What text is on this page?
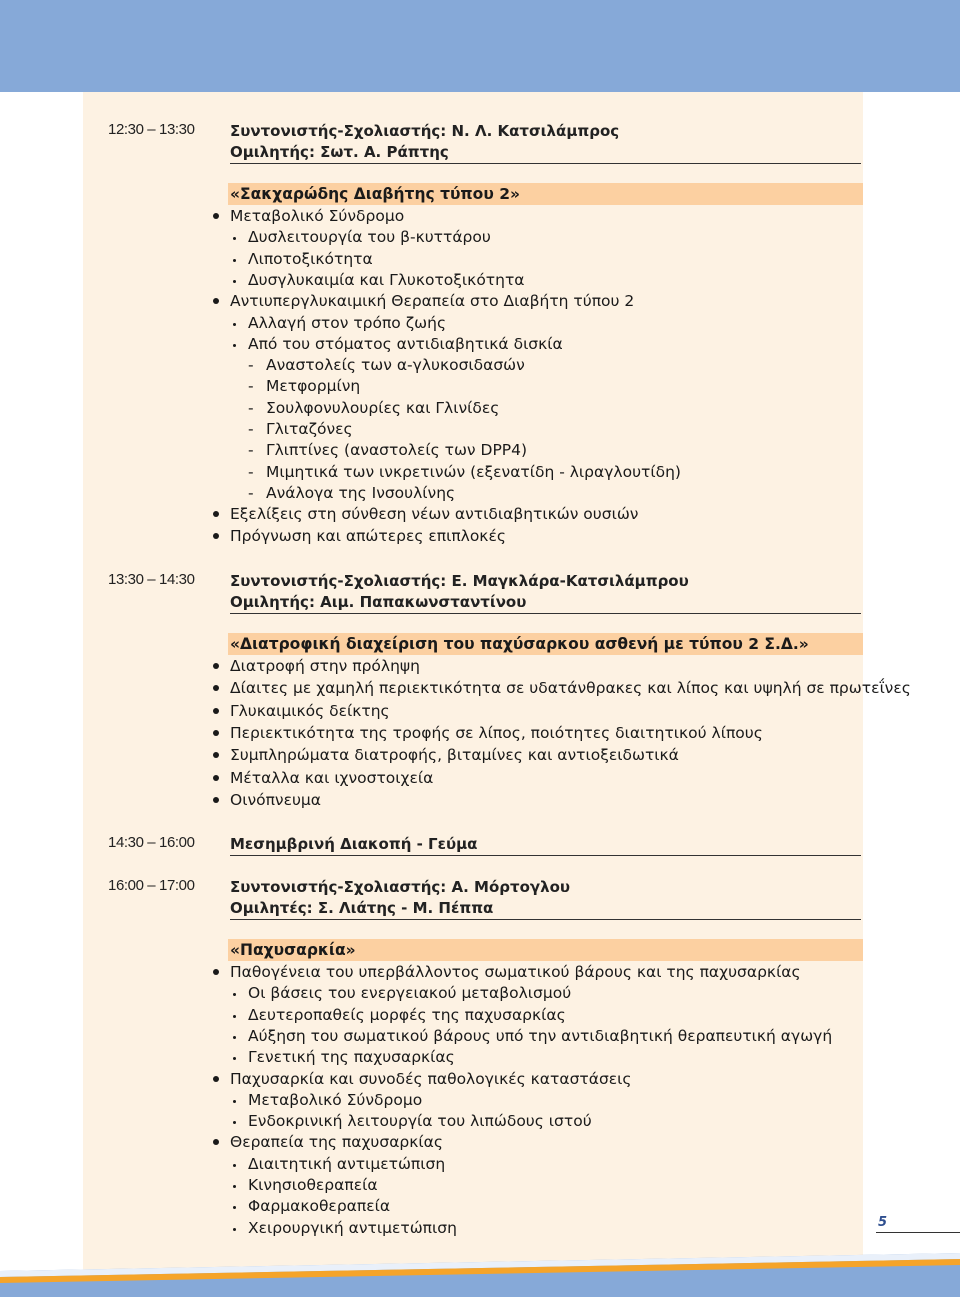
12:30 – 13:30 Συντονιστής-Σχολιαστής: Ν. Λ. Κατσιλάμπρος
Ομιλητής: Σωτ. Α. Ράπτης
«Σακχαρώδης Διαβήτης τύπου 2»
Μεταβολικό Σύνδρομο
Δυσλειτουργία του β-κυττάρου
Λιποτοξικότητα
Δυσγλυκαιμία και Γλυκοτοξικότητα
Αντιυπεργλυκαιμική Θεραπεία στο Διαβήτη τύπου 2
Αλλαγή στον τρόπο ζωής
Από του στόματος αντιδιαβητικά δισκία
- Αναστολείς των α-γλυκοσιδασών
- Μετφορμίνη
- Σουλφονυλουρίες και Γλινίδες
- Γλιταζόνες
- Γλιπτίνες (αναστολείς των DPP4)
- Μιμητικά των ινκρετινών (εξενατίδη - λιραγλουτίδη)
- Ανάλογα της Ινσουλίνης
Εξελίξεις στη σύνθεση νέων αντιδιαβητικών ουσιών
Πρόγνωση και απώτερες επιπλοκές
13:30 – 14:30 Συντονιστής-Σχολιαστής: Ε. Μαγκλάρα-Κατσιλάμπρου
Ομιλητής: Αιμ. Παπακωνσταντίνου
«Διατροφική διαχείριση του παχύσαρκου ασθενή με τύπου 2 Σ.Δ.»
Διατροφή στην πρόληψη
Δίαιτες με χαμηλή περιεκτικότητα σε υδατάνθρακες και λίπος και υψηλή σε πρωτεΐνες
Γλυκαιμικός δείκτης
Περιεκτικότητα της τροφής σε λίπος, ποιότητες διαιτητικού λίπους
Συμπληρώματα διατροφής, βιταμίνες και αντιοξειδωτικά
Μέταλλα και ιχνοστοιχεία
Οινόπνευμα
14:30 – 16:00 Μεσημβρινή Διακοπή - Γεύμα
16:00 – 17:00 Συντονιστής-Σχολιαστής: Α. Μόρτογλου
Ομιλητές: Σ. Λιάτης - Μ. Πέππα
«Παχυσαρκία»
Παθογένεια του υπερβάλλοντος σωματικού βάρους και της παχυσαρκίας
Οι βάσεις του ενεργειακού μεταβολισμού
Δευτεροπαθείς μορφές της παχυσαρκίας
Αύξηση του σωματικού βάρους υπό την αντιδιαβητική θεραπευτική αγωγή
Γενετική της παχυσαρκίας
Παχυσαρκία και συνοδές παθολογικές καταστάσεις
Μεταβολικό Σύνδρομο
Ενδοκρινική λειτουργία του λιπώδους ιστού
Θεραπεία της παχυσαρκίας
Διαιτητική αντιμετώπιση
Κινησιοθεραπεία
Φαρμακοθεραπεία
Χειρουργική αντιμετώπιση	5
